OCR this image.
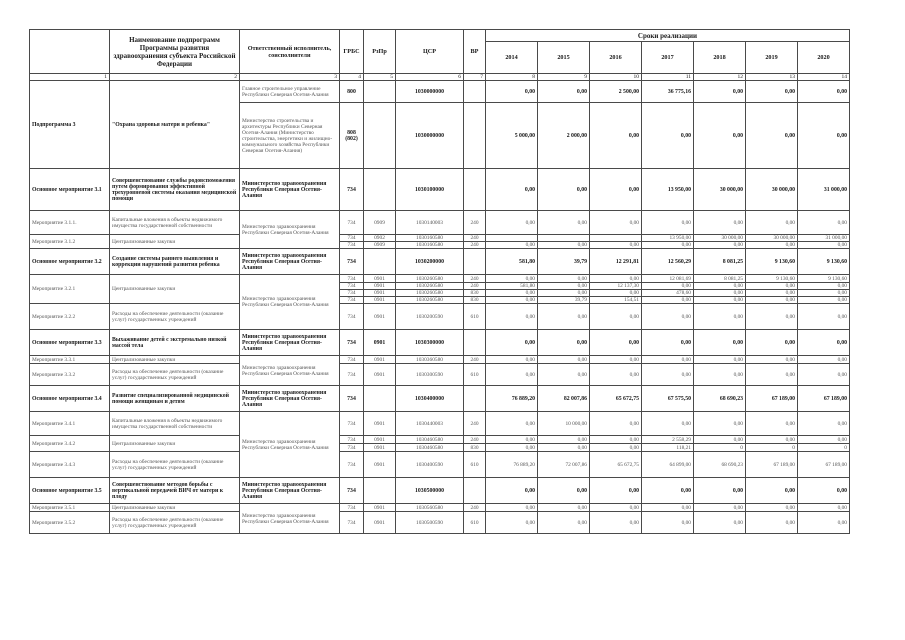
	Наименование подпрограмм Программы развития здравоохранения субъекта Российской Федерации	Ответственный исполнитель, соисполнители	ГРБС	РзПр	ЦСР	ВР	Сроки реализации						
							2014	2015	2016	2017	2018	2019	2020
1	2	3	4	5	6	7	8	9	10	11	12	13	14
Подпрограмма 3	"Охрана здоровья матери и ребенка"	Главное строительное управление Республики Северная Осетия-Алания	800		1030000000		0,00	0,00	2 500,00	36 775,16	0,00	0,00	0,00
		Министерство строительства и архитектуры Республики Северная Осетия-Алания (Министерство строительства, энергетики и жилищно-коммунального хозяйства Республики Северная Осетия-Алания)	808 (802)		1030000000		5 000,00	2 000,00	0,00	0,00	0,00	0,00	0,00
Основное мероприятие 3.1	Совершенствование службы родовспоможения путем формирования эффективной трехуровневой системы оказания медицинской помощи	Министерство здравоохранения Республики Северная Осетия-Алания	734		1030100000		0,00	0,00	0,00	13 950,00	30 000,00	30 000,00	31 000,00
Мероприятие 3.1.1.	Капитальные вложения в объекты недвижимого имущества государственной собственности	Министерство здравоохранения Республики Северная Осетия-Алания	734	0909	1030140003	240	0,00	0,00	0,00	0,00	0,00	0,00	0,00
Мероприятие 3.1.2	Централизованные закупки		734	0902	1030160580	240				13 950,00	30 000,00	30 000,00	31 000,00
			734	0909	1030160580	240	0,00	0,00	0,00	0,00	0,00	0,00	0,00
Основное мероприятие 3.2	Создание системы раннего выявления и коррекции нарушений развития ребенка	Министерство здравоохранения Республики Северная Осетия-Алания	734		1030200000		581,80	39,79	12 291,81	12 560,29	8 081,25	9 130,60	9 130,60
Мероприятие 3.2.1	Централизованные закупки	Министерство здравоохранения Республики Северная Осетия-Алания	734	0901	1030260580	240	0,00	0,00	0,00	12 081,69	8 081,25	9 130,60	9 130,60
			734	0901	1030260580	240	581,80	0,00	12 137,30	0,00	0,00	0,00	0,00
			734	0901	1030260580	830	0,00	0,00	0,00	478,60	0,00	0,00	0,00
			734	0901	1030260580	830	0,00	39,79	154,51	0,00	0,00	0,00	0,00
Мероприятие 3.2.2	Расходы на обеспечение деятельности (оказание услуг) государственных учреждений		734	0901	1030200590	610	0,00	0,00	0,00	0,00	0,00	0,00	0,00
Основное мероприятие 3.3	Выхаживание детей с экстремально низкой массой тела	Министерство здравоохранения Республики Северная Осетия-Алания	734	0901	1030300000		0,00	0,00	0,00	0,00	0,00	0,00	0,00
Мероприятие 3.3.1	Централизованные закупки	Министерство здравоохранения Республики Северная Осетия-Алания	734	0901	1030360580	240	0,00	0,00	0,00	0,00	0,00	0,00	0,00
Мероприятие 3.3.2	Расходы на обеспечение деятельности (оказание услуг) государственных учреждений		734	0901	1030300590	610	0,00	0,00	0,00	0,00	0,00	0,00	0,00
Основное мероприятие 3.4	Развитие специализированной медицинской помощи женщинам и детям	Министерство здравоохранения Республики Северная Осетия-Алания	734		1030400000		76 889,20	82 007,86	65 672,75	67 575,50	68 690,23	67 189,00	67 189,00
Мероприятие 3.4.1	Капитальные вложения в объекты недвижимого имущества государственной собственности	Министерство здравоохранения Республики Северная Осетия-Алания	734	0901	1030440003	240	0,00	10 000,00	0,00	0,00	0,00	0,00	0,00
Мероприятие 3.4.2	Централизованные закупки		734	0901	1030460580	240	0,00	0,00	0,00	2 558,29	0,00	0,00	0,00
			734	0901	1030460580	830	0,00	0,00	0,00	118,21	0	0	0
Мероприятие 3.4.3	Расходы на обеспечение деятельности (оказание услуг) государственных учреждений		734	0901	1030400590	610	76 889,20	72 007,86	65 672,75	64 899,00	68 690,23	67 189,00	67 189,00
Основное мероприятие 3.5	Совершенствование методов борьбы с вертикальной передачей ВИЧ от матери к плоду	Министерство здравоохранения Республики Северная Осетия-Алания	734		1030500000		0,00	0,00	0,00	0,00	0,00	0,00	0,00
Мероприятие 3.5.1	Централизованные закупки	Министерство здравоохранения Республики Северная Осетия-Алания	734	0901	1030560580	240	0,00	0,00	0,00	0,00	0,00	0,00	0,00
Мероприятие 3.5.2	Расходы на обеспечение деятельности (оказание услуг) государственных учреждений		734	0901	1030500590	610	0,00	0,00	0,00	0,00	0,00	0,00	0,00
